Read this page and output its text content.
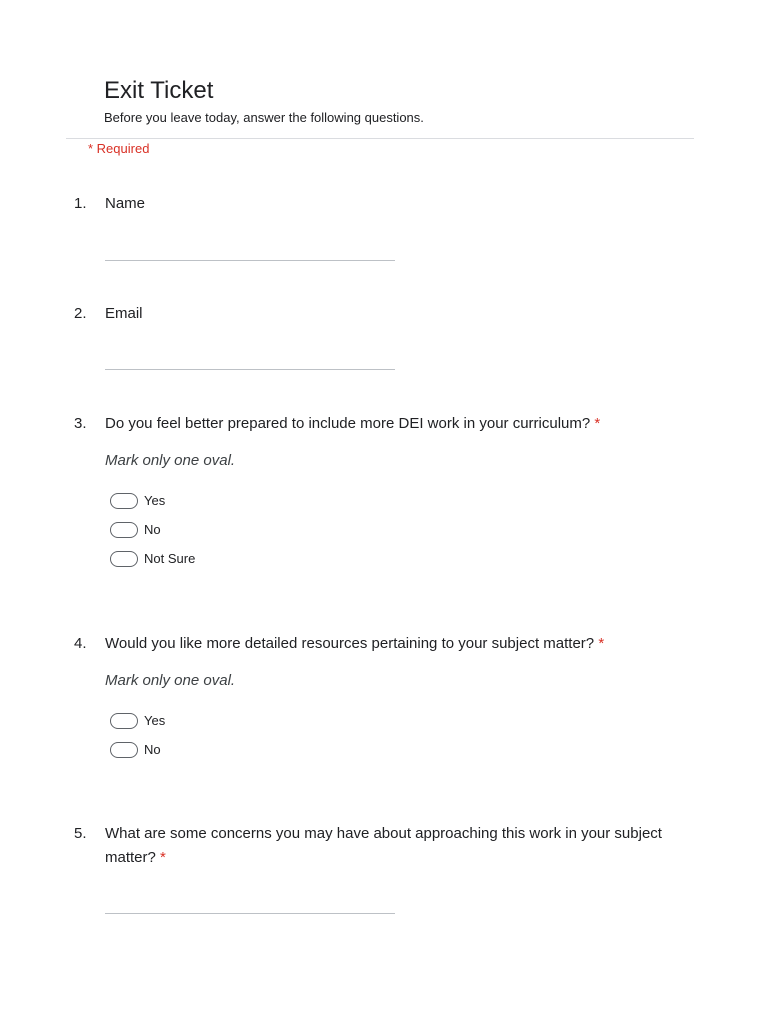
Exit Ticket

Before you leave today, answer the following questions.

* Required
1. Name
2. Email
3. Do you feel better prepared to include more DEI work in your curriculum? *
Mark only one oval.
Yes
No
Not Sure
4. Would you like more detailed resources pertaining to your subject matter? *
Mark only one oval.
Yes
No
5. What are some concerns you may have about approaching this work in your subject matter? *
